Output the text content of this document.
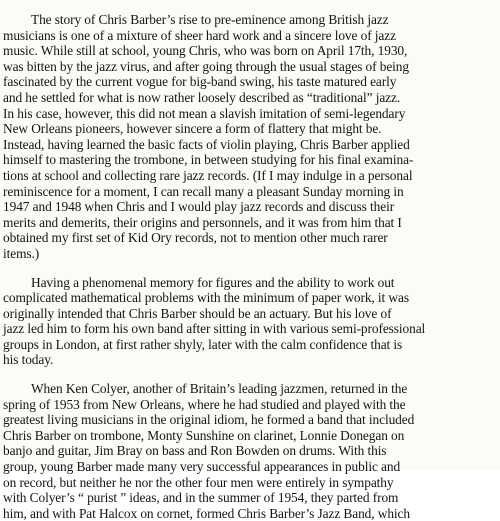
The story of Chris Barber’s rise to pre-eminence among British jazz
musicians is one of a mixture of sheer hard work and a sincere love of jazz
music. While still at school, young Chris, who was born on April 17th, 1930,
was bitten by the jazz virus, and after going through the usual stages of being
fascinated by the current vogue for big-band swing, his taste matured early
and he settled for what is now rather loosely described as “traditional” jazz.
In his case, however, this did not mean a slavish imitation of semi-legendary
New Orleans pioneers, however sincere a form of flattery that might be.
Instead, having learned the basic facts of violin playing, Chris Barber applied
himself to mastering the trombone, in between studying for his final examina-
tions at school and collecting rare jazz records. (If I may indulge in a personal
reminiscence for a moment, I can recall many a pleasant Sunday morning in
1947 and 1948 when Chris and I would play jazz records and discuss their
merits and demerits, their origins and personnels, and it was from him that I
obtained my first set of Kid Ory records, not to mention other much rarer
items.)

Having a phenomenal memory for figures and the ability to work out
complicated mathematical problems with the minimum of paper work, it was
originally intended that Chris Barber should be an actuary. But his love of
jazz led him to form his own band after sitting in with various semi-professional
groups in London, at first rather shyly, later with the calm confidence that is
his today.

When Ken Colyer, another of Britain’s leading jazzmen, returned in the
spring of 1953 from New Orleans, where he had studied and played with the
greatest living musicians in the original idiom, he formed a band that included
Chris Barber on trombone, Monty Sunshine on clarinet, Lonnie Donegan on
banjo and guitar, Jim Bray on bass and Ron Bowden on drums. With this
group, young Barber made many very successful appearances in public and
on record, but neither he nor the other four men were entirely in sympathy
with Colyer’s “ purist ” ideas, and in the summer of 1954, they parted from
him, and with Pat Halcox on cornet, formed Chris Barber’s Jazz Band, which
